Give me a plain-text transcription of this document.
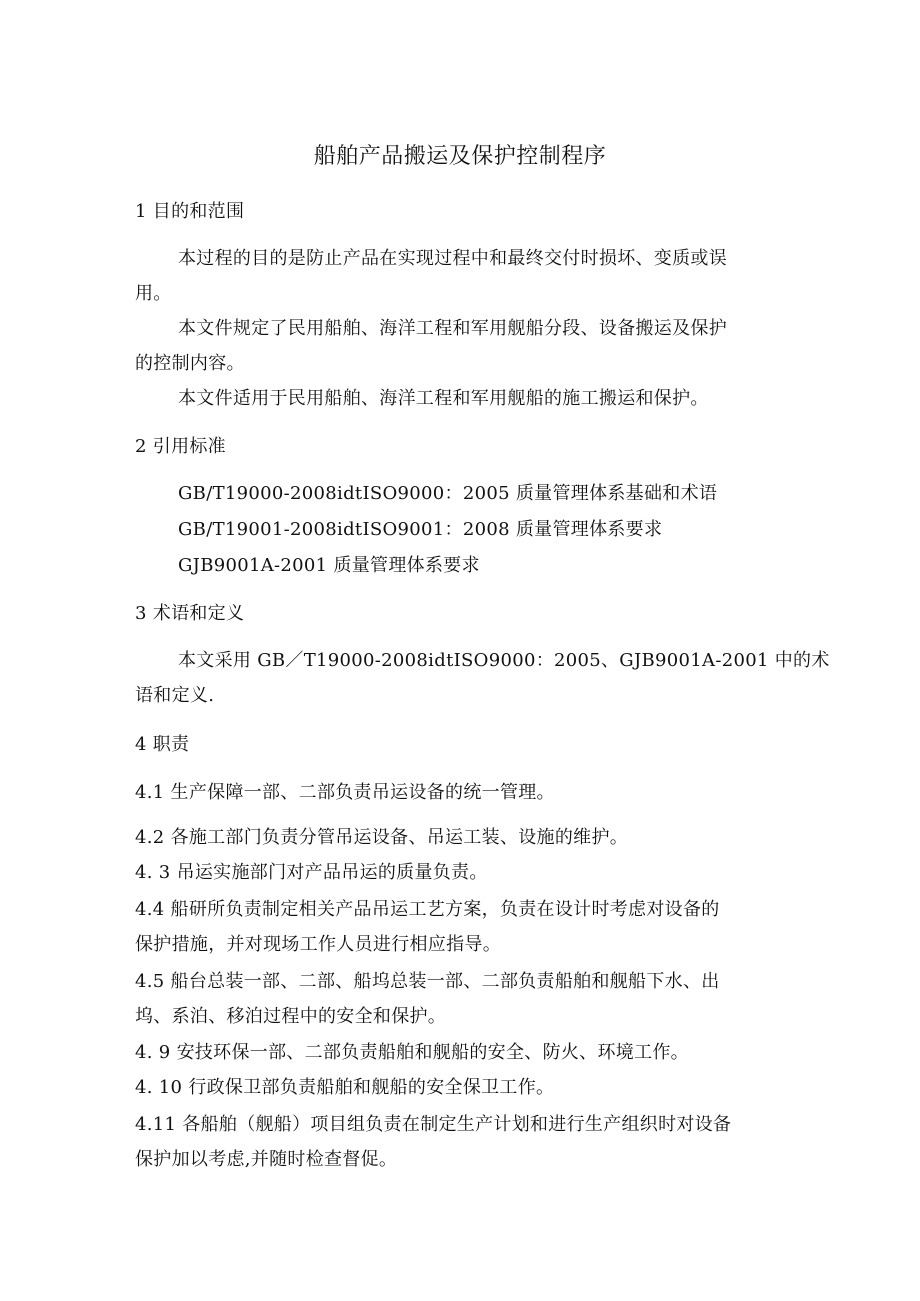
船舶产品搬运及保护控制程序
1 目的和范围
本过程的目的是防止产品在实现过程中和最终交付时损坏、变质或误
用。
本文件规定了民用船舶、海洋工程和军用舰船分段、设备搬运及保护
的控制内容。
本文件适用于民用船舶、海洋工程和军用舰船的施工搬运和保护。
2 引用标准
GB/T19000-2008idtISO9000：2005 质量管理体系基础和术语
GB/T19001-2008idtISO9001：2008 质量管理体系要求
GJB9001A-2001 质量管理体系要求
3 术语和定义
本文采用 GB／T19000-2008idtISO9000：2005、GJB9001A-2001 中的术
语和定义.
4 职责
4.1 生产保障一部、二部负责吊运设备的统一管理。
4.2 各施工部门负责分管吊运设备、吊运工装、设施的维护。
4. 3 吊运实施部门对产品吊运的质量负责。
4.4 船研所负责制定相关产品吊运工艺方案，负责在设计时考虑对设备的
保护措施，并对现场工作人员进行相应指导。
4.5 船台总装一部、二部、船坞总装一部、二部负责船舶和舰船下水、出
坞、系泊、移泊过程中的安全和保护。
4. 9 安技环保一部、二部负责船舶和舰船的安全、防火、环境工作。
4. 10 行政保卫部负责船舶和舰船的安全保卫工作。
4.11 各船舶（舰船）项目组负责在制定生产计划和进行生产组织时对设备
保护加以考虑,并随时检查督促。
